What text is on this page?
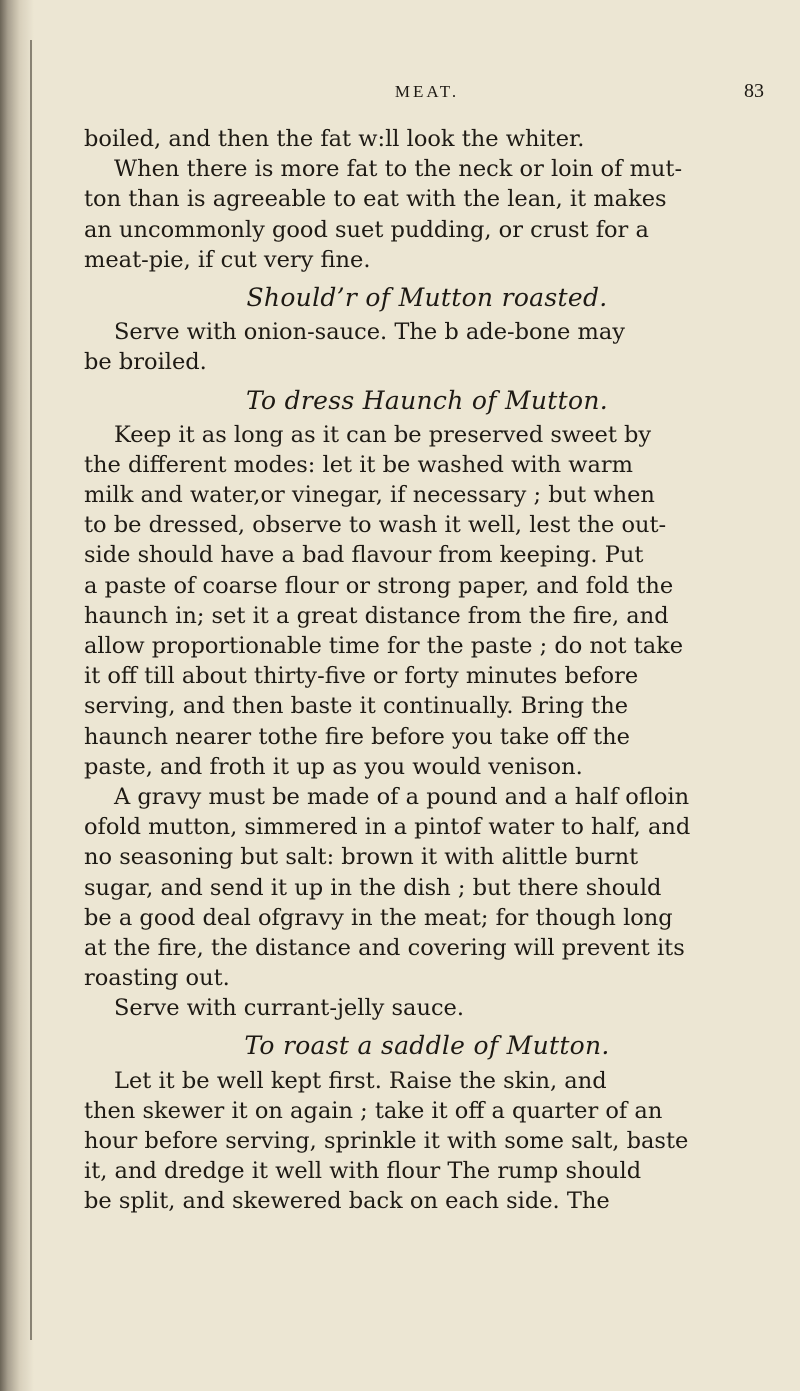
MEAT.	83
boiled, and then the fat w:ll look the whiter.
When there is more fat to the neck or loin of mut-
ton than is agreeable to eat with the lean, it makes
an uncommonly good suet pudding, or crust for a
meat-pie, if cut very fine.
Should’r of Mutton roasted.
Serve with onion-sauce. The b ade-bone may
be broiled.
To dress Haunch of Mutton.
Keep it as long as it can be preserved sweet by
the different modes: let it be washed with warm
milk and water,or vinegar, if necessary ; but when
to be dressed, observe to wash it well, lest the out-
side should have a bad flavour from keeping. Put
a paste of coarse flour or strong paper, and fold the
haunch in; set it a great distance from the fire, and
allow proportionable time for the paste ; do not take
it off till about thirty-five or forty minutes before
serving, and then baste it continually. Bring the
haunch nearer tothe fire before you take off the
paste, and froth it up as you would venison.
A gravy must be made of a pound and a half ofloin
ofold mutton, simmered in a pintof water to half, and
no seasoning but salt: brown it with alittle burnt
sugar, and send it up in the dish ; but there should
be a good deal ofgravy in the meat; for though long
at the fire, the distance and covering will prevent its
roasting out.
Serve with currant-jelly sauce.
To roast a saddle of Mutton.
Let it be well kept first. Raise the skin, and
then skewer it on again ; take it off a quarter of an
hour before serving, sprinkle it with some salt, baste
it, and dredge it well with flour The rump should
be split, and skewered back on each side. The
